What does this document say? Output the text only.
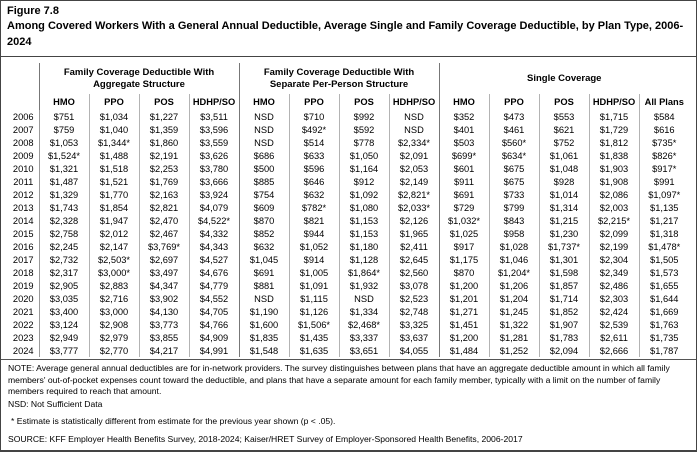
Figure 7.8
Among Covered Workers With a General Annual Deductible, Average Single and Family Coverage Deductible, by Plan Type, 2006-2024
	Family Coverage Deductible With Aggregate Structure				Family Coverage Deductible With Separate Per-Person Structure				Single Coverage				
	HMO	PPO	POS	HDHP/SO	HMO	PPO	POS	HDHP/SO	HMO	PPO	POS	HDHP/SO	All Plans
2006	$751	$1,034	$1,227	$3,511	NSD	$710	$992	NSD	$352	$473	$553	$1,715	$584
2007	$759	$1,040	$1,359	$3,596	NSD	$492*	$592	NSD	$401	$461	$621	$1,729	$616
2008	$1,053	$1,344*	$1,860	$3,559	NSD	$514	$778	$2,334*	$503	$560*	$752	$1,812	$735*
2009	$1,524*	$1,488	$2,191	$3,626	$686	$633	$1,050	$2,091	$699*	$634*	$1,061	$1,838	$826*
2010	$1,321	$1,518	$2,253	$3,780	$500	$596	$1,164	$2,053	$601	$675	$1,048	$1,903	$917*
2011	$1,487	$1,521	$1,769	$3,666	$885	$646	$912	$2,149	$911	$675	$928	$1,908	$991
2012	$1,329	$1,770	$2,163	$3,924	$754	$632	$1,092	$2,821*	$691	$733	$1,014	$2,086	$1,097*
2013	$1,743	$1,854	$2,821	$4,079	$609	$782*	$1,080	$2,033*	$729	$799	$1,314	$2,003	$1,135
2014	$2,328	$1,947	$2,470	$4,522*	$870	$821	$1,153	$2,126	$1,032*	$843	$1,215	$2,215*	$1,217
2015	$2,758	$2,012	$2,467	$4,332	$852	$944	$1,153	$1,965	$1,025	$958	$1,230	$2,099	$1,318
2016	$2,245	$2,147	$3,769*	$4,343	$632	$1,052	$1,180	$2,411	$917	$1,028	$1,737*	$2,199	$1,478*
2017	$2,732	$2,503*	$2,697	$4,527	$1,045	$914	$1,128	$2,645	$1,175	$1,046	$1,301	$2,304	$1,505
2018	$2,317	$3,000*	$3,497	$4,676	$691	$1,005	$1,864*	$2,560	$870	$1,204*	$1,598	$2,349	$1,573
2019	$2,905	$2,883	$4,347	$4,779	$881	$1,091	$1,932	$3,078	$1,200	$1,206	$1,857	$2,486	$1,655
2020	$3,035	$2,716	$3,902	$4,552	NSD	$1,115	NSD	$2,523	$1,201	$1,204	$1,714	$2,303	$1,644
2021	$3,400	$3,000	$4,130	$4,705	$1,190	$1,126	$1,334	$2,748	$1,271	$1,245	$1,852	$2,424	$1,669
2022	$3,124	$2,908	$3,773	$4,766	$1,600	$1,506*	$2,468*	$3,325	$1,451	$1,322	$1,907	$2,539	$1,763
2023	$2,949	$2,979	$3,855	$4,909	$1,835	$1,435	$3,337	$3,637	$1,200	$1,281	$1,783	$2,611	$1,735
2024	$3,777	$2,770	$4,217	$4,991	$1,548	$1,635	$3,651	$4,055	$1,484	$1,252	$2,094	$2,666	$1,787

NOTE: Average general annual deductibles are for in-network providers. The survey distinguishes between plans that have an aggregate deductible amount in which all family members' out-of-pocket expenses count toward the deductible, and plans that have a separate amount for each family member, typically with a limit on the number of family members required to reach that amount.

NSD: Not Sufficient Data

* Estimate is statistically different from estimate for the previous year shown (p < .05).

SOURCE: KFF Employer Health Benefits Survey, 2018-2024; Kaiser/HRET Survey of Employer-Sponsored Health Benefits, 2006-2017
